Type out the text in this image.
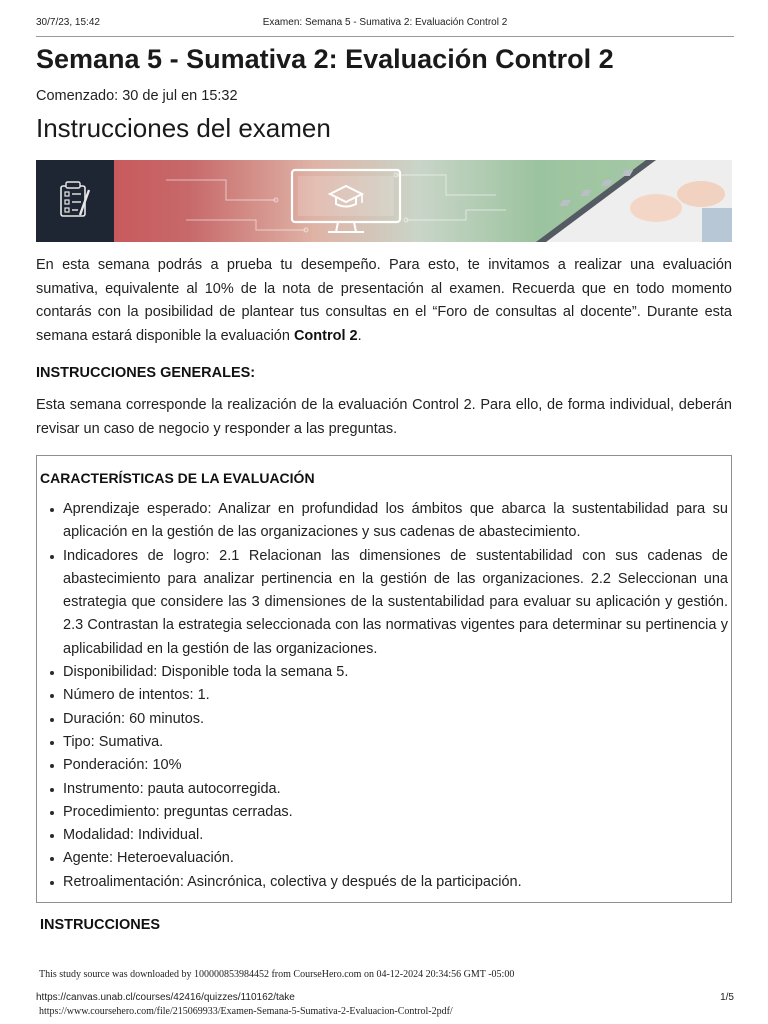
30/7/23, 15:42	Examen: Semana 5 - Sumativa 2: Evaluación Control 2
Semana 5 - Sumativa 2: Evaluación Control 2
Comenzado: 30 de jul en 15:32
Instrucciones del examen
En esta semana podrás a prueba tu desempeño. Para esto, te invitamos a realizar una evaluación sumativa, equivalente al 10% de la nota de presentación al examen. Recuerda que en todo momento contarás con la posibilidad de plantear tus consultas en el “Foro de consultas al docente”. Durante esta semana estará disponible la evaluación Control 2.
INSTRUCCIONES GENERALES:
Esta semana corresponde la realización de la evaluación Control 2. Para ello, de forma individual, deberán revisar un caso de negocio y responder a las preguntas.
CARACTERÍSTICAS DE LA EVALUACIÓN
Aprendizaje esperado: Analizar en profundidad los ámbitos que abarca la sustentabilidad para su aplicación en la gestión de las organizaciones y sus cadenas de abastecimiento.
Indicadores de logro: 2.1 Relacionan las dimensiones de sustentabilidad con sus cadenas de abastecimiento para analizar pertinencia en la gestión de las organizaciones. 2.2 Seleccionan una estrategia que considere las 3 dimensiones de la sustentabilidad para evaluar su aplicación y gestión. 2.3 Contrastan la estrategia seleccionada con las normativas vigentes para determinar su pertinencia y aplicabilidad en la gestión de las organizaciones.
Disponibilidad: Disponible toda la semana 5.
Número de intentos: 1.
Duración: 60 minutos.
Tipo: Sumativa.
Ponderación: 10%
Instrumento: pauta autocorregida.
Procedimiento: preguntas cerradas.
Modalidad: Individual.
Agente: Heteroevaluación.
Retroalimentación: Asincrónica, colectiva y después de la participación.
INSTRUCCIONES
This study source was downloaded by 100000853984452 from CourseHero.com on 04-12-2024 20:34:56 GMT -05:00
https://canvas.unab.cl/courses/42416/quizzes/110162/take	1/5
https://www.coursehero.com/file/215069933/Examen-Semana-5-Sumativa-2-Evaluacion-Control-2pdf/
